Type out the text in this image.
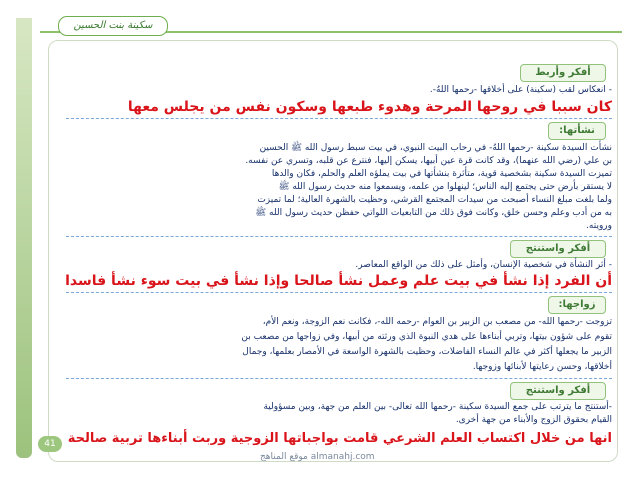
سكينة بنت الحسين
أفكر وأربط
- انعكاس لقب (سكينة) على أخلاقها -رحمها اللهُ-.
كان سببا في روحها المرحة وهدوء طبعها وسكون نفس من يجلس معها
نشأتها:
نشأت السيدة سكينة -رحمها اللهُ- في رحاب البيت النبوي، في بيت سبط رسول الله ﷺ الحسين
بن علي (رضي الله عنهما)، وقد كانت قرة عين أبيها، يسكن إليها، فنترع عن قلبه، وتسري عن نفسه.
تميزت السيدة سكينة بشخصية قوية، متأثرة بنشأتها في بيت يملؤه العلم والحلم، فكان والدها
لا يستقر بأرض حتى يجتمع إليه الناس؛ لينهلوا من علمه، ويسمعوا منه حديث رسول الله ﷺ
ولما بلغت مبلغ النساء أصبحت من سيدات المجتمع القرشي، وحظيت بالشهرة العالية؛ لما تميزت
به من أدب وعلم وحسن خلق، وكانت فوق ذلك من التابعيات اللواتي حفظن حديث رسول الله ﷺ
ورويته.
أفكر واستنتج
- أثر النشأة في شخصية الإنسان، وأمثل على ذلك من الواقع المعاصر.
أن الفرد إذا نشأ في بيت علم وعمل نشأ صالحا وإذا نشأ في بيت سوء نشأ فاسدا
زواجها:
تزوجت -رحمها الله- من مصعب بن الزبير بن العوام -رحمه الله-، فكانت نعم الزوجة، ونعم الأم،
تقوم على شؤون بيتها، وتربي أبناءها على هدي النبوة الذي ورثته من أبيها، وفي زواجها من مصعب بن
الزبير ما يجعلها أكثر في عالم النساء الفاضلات، وحظيت بالشهرة الواسعة في الأمصار بعلمها، وجمال
أخلاقها، وحسن رعايتها لأبنائها وزوجها.
أفكر واستنتج
-أستنتج ما يترتب على جمع السيدة سكينة -رحمها الله تعالى- بين العلم من جهة، وبين مسؤولية
القيام بحقوق الزوج والأبناء من جهة أخرى.
انها من خلال اكتساب العلم الشرعي قامت بواجباتها الزوجية وربت أبناءها تربية صالحة
41
موقع المناهج almanahj.com
